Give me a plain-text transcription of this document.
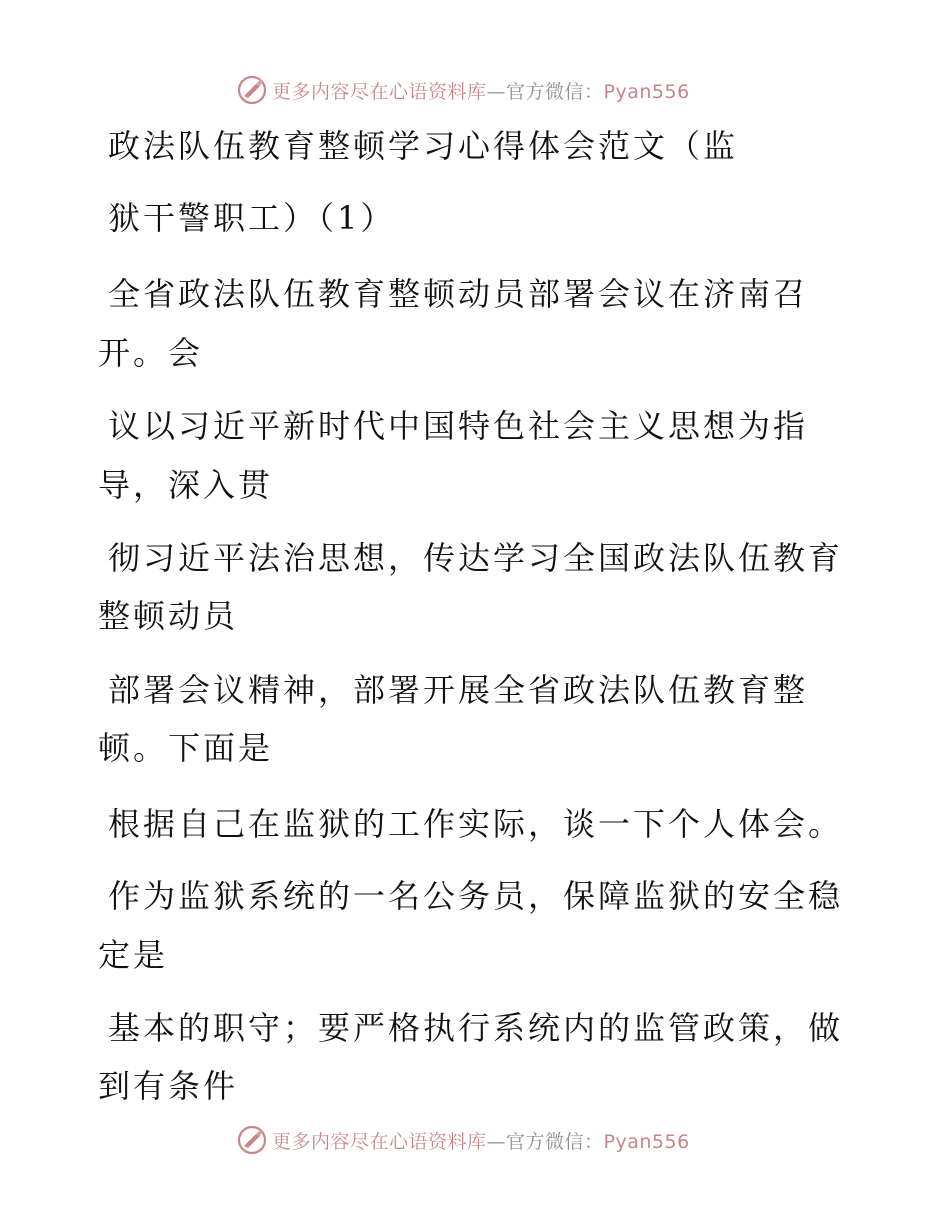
更多内容尽在心语资料库—官方微信：Pyan556
政法队伍教育整顿学习心得体会范文（监
狱干警职工）（1）
全省政法队伍教育整顿动员部署会议在济南召
开。会
议以习近平新时代中国特色社会主义思想为指
导，深入贯
彻习近平法治思想，传达学习全国政法队伍教育
整顿动员
部署会议精神，部署开展全省政法队伍教育整
顿。下面是
根据自己在监狱的工作实际，谈一下个人体会。
作为监狱系统的一名公务员，保障监狱的安全稳
定是
基本的职守；要严格执行系统内的监管政策，做
到有条件
更多内容尽在心语资料库—官方微信：Pyan556
